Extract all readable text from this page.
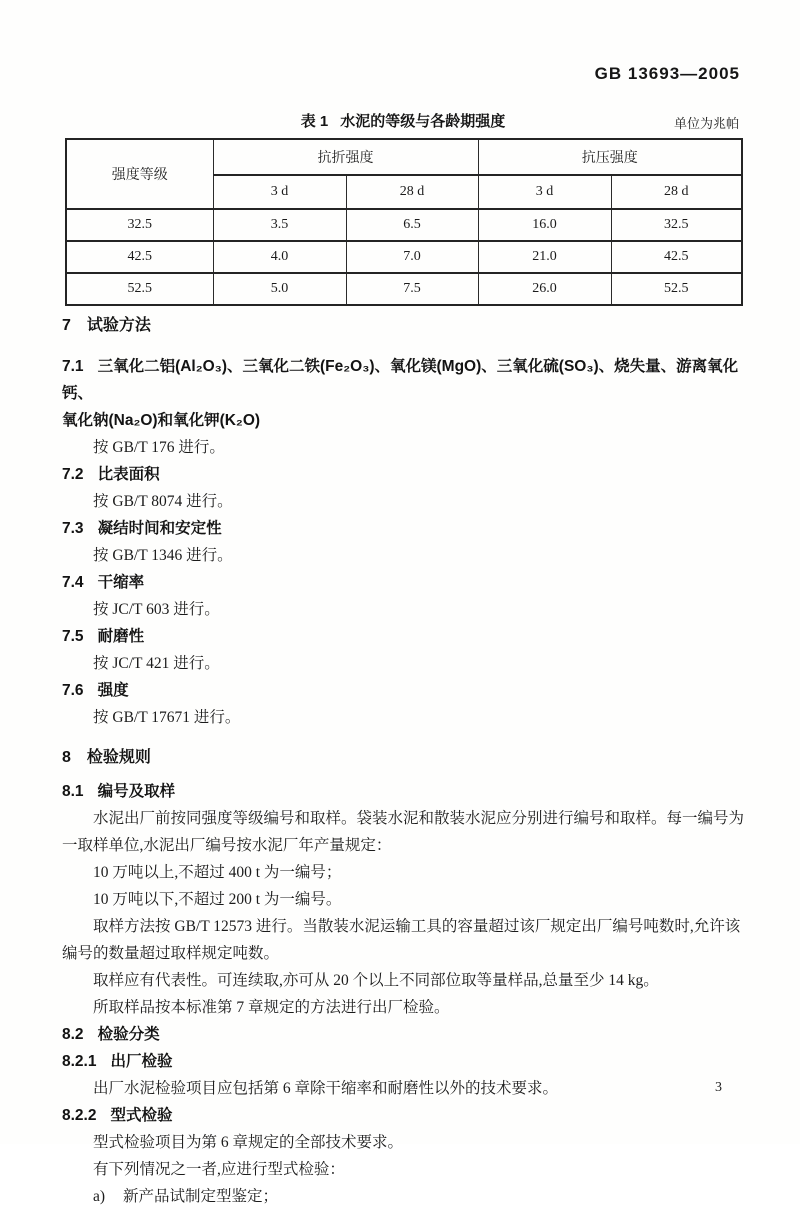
GB 13693—2005
表 1 水泥的等级与各龄期强度	单位为兆帕
强度等级	抗折强度		抗压强度	
	3 d	28 d	3 d	28 d
32.5	3.5	6.5	16.0	32.5
42.5	4.0	7.0	21.0	42.5
52.5	5.0	7.5	26.0	52.5
7 试验方法
7.1 三氧化二铝(Al₂O₃)、三氧化二铁(Fe₂O₃)、氧化镁(MgO)、三氧化硫(SO₃)、烧失量、游离氧化钙、
氧化钠(Na₂O)和氧化钾(K₂O)
按 GB/T 176 进行。
7.2 比表面积
按 GB/T 8074 进行。
7.3 凝结时间和安定性
按 GB/T 1346 进行。
7.4 干缩率
按 JC/T 603 进行。
7.5 耐磨性
按 JC/T 421 进行。
7.6 强度
按 GB/T 17671 进行。
8 检验规则
8.1 编号及取样
水泥出厂前按同强度等级编号和取样。袋装水泥和散装水泥应分别进行编号和取样。每一编号为一取样单位,水泥出厂编号按水泥厂年产量规定：
10 万吨以上,不超过 400 t 为一编号；
10 万吨以下,不超过 200 t 为一编号。
取样方法按 GB/T 12573 进行。当散装水泥运输工具的容量超过该厂规定出厂编号吨数时,允许该编号的数量超过取样规定吨数。
取样应有代表性。可连续取,亦可从 20 个以上不同部位取等量样品,总量至少 14 kg。
所取样品按本标准第 7 章规定的方法进行出厂检验。
8.2 检验分类
8.2.1 出厂检验
出厂水泥检验项目应包括第 6 章除干缩率和耐磨性以外的技术要求。
8.2.2 型式检验
型式检验项目为第 6 章规定的全部技术要求。
有下列情况之一者,应进行型式检验：
a) 新产品试制定型鉴定；
3
